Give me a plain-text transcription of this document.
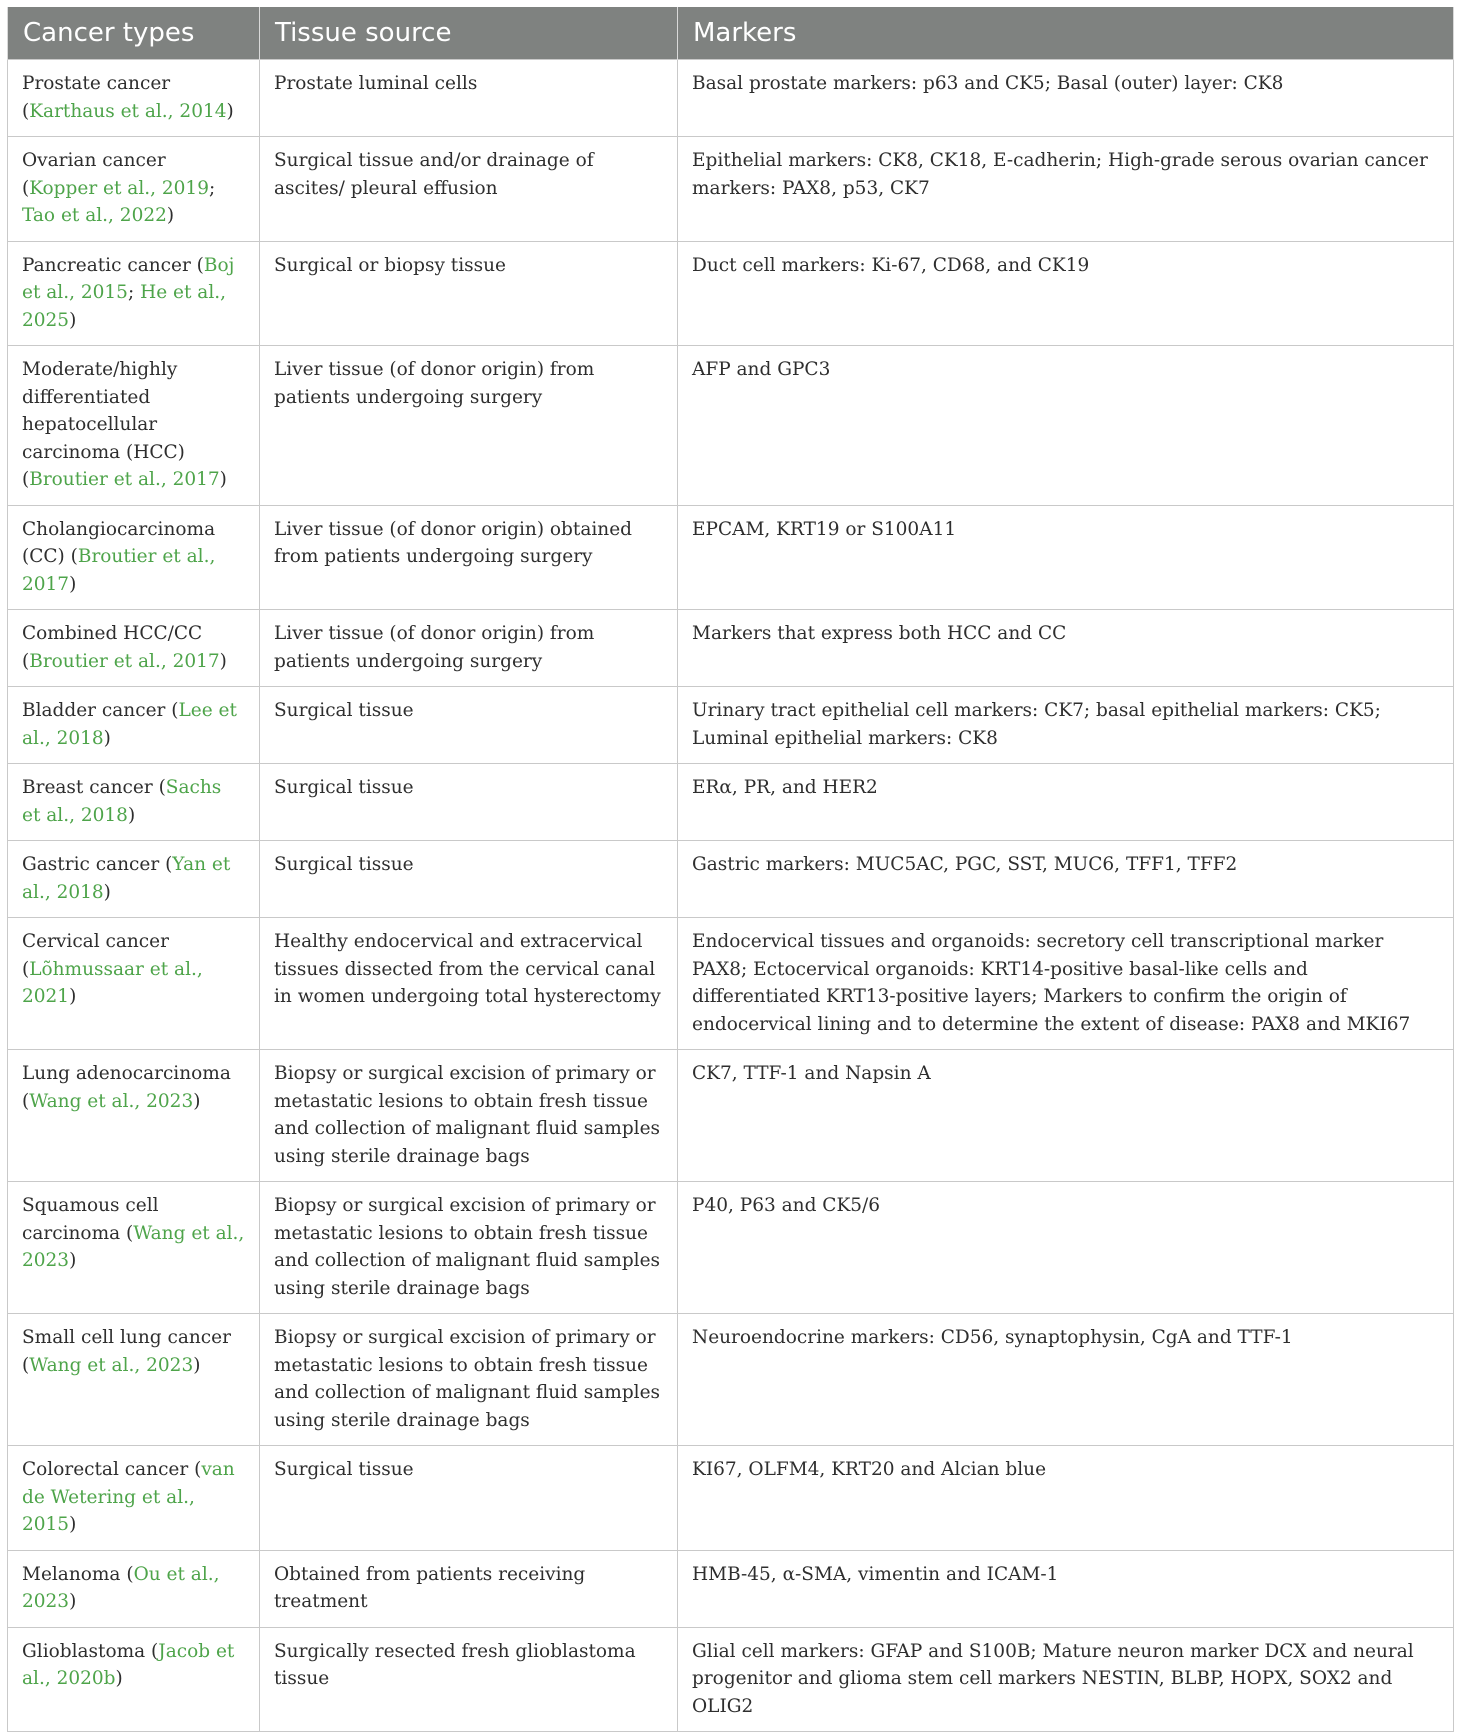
Cancer types	Tissue source	Markers
Prostate cancer (Karthaus et al., 2014)	Prostate luminal cells	Basal prostate markers: p63 and CK5; Basal (outer) layer: CK8
Ovarian cancer (Kopper et al., 2019; Tao et al., 2022)	Surgical tissue and/or drainage of ascites/ pleural effusion	Epithelial markers: CK8, CK18, E-cadherin; High-grade serous ovarian cancer markers: PAX8, p53, CK7
Pancreatic cancer (Boj et al., 2015; He et al., 2025)	Surgical or biopsy tissue	Duct cell markers: Ki-67, CD68, and CK19
Moderate/highly differentiated hepatocellular carcinoma (HCC) (Broutier et al., 2017)	Liver tissue (of donor origin) from patients undergoing surgery	AFP and GPC3
Cholangiocarcinoma (CC) (Broutier et al., 2017)	Liver tissue (of donor origin) obtained from patients undergoing surgery	EPCAM, KRT19 or S100A11
Combined HCC/CC (Broutier et al., 2017)	Liver tissue (of donor origin) from patients undergoing surgery	Markers that express both HCC and CC
Bladder cancer (Lee et al., 2018)	Surgical tissue	Urinary tract epithelial cell markers: CK7; basal epithelial markers: CK5; Luminal epithelial markers: CK8
Breast cancer (Sachs et al., 2018)	Surgical tissue	ERα, PR, and HER2
Gastric cancer (Yan et al., 2018)	Surgical tissue	Gastric markers: MUC5AC, PGC, SST, MUC6, TFF1, TFF2
Cervical cancer (Lõhmussaar et al., 2021)	Healthy endocervical and extracervical tissues dissected from the cervical canal in women undergoing total hysterectomy	Endocervical tissues and organoids: secretory cell transcriptional marker PAX8; Ectocervical organoids: KRT14-positive basal-like cells and differentiated KRT13-positive layers; Markers to confirm the origin of endocervical lining and to determine the extent of disease: PAX8 and MKI67
Lung adenocarcinoma (Wang et al., 2023)	Biopsy or surgical excision of primary or metastatic lesions to obtain fresh tissue and collection of malignant fluid samples using sterile drainage bags	CK7, TTF-1 and Napsin A
Squamous cell carcinoma (Wang et al., 2023)	Biopsy or surgical excision of primary or metastatic lesions to obtain fresh tissue and collection of malignant fluid samples using sterile drainage bags	P40, P63 and CK5/6
Small cell lung cancer (Wang et al., 2023)	Biopsy or surgical excision of primary or metastatic lesions to obtain fresh tissue and collection of malignant fluid samples using sterile drainage bags	Neuroendocrine markers: CD56, synaptophysin, CgA and TTF-1
Colorectal cancer (van de Wetering et al., 2015)	Surgical tissue	KI67, OLFM4, KRT20 and Alcian blue
Melanoma (Ou et al., 2023)	Obtained from patients receiving treatment	HMB-45, α-SMA, vimentin and ICAM-1
Glioblastoma (Jacob et al., 2020b)	Surgically resected fresh glioblastoma tissue	Glial cell markers: GFAP and S100B; Mature neuron marker DCX and neural progenitor and glioma stem cell markers NESTIN, BLBP, HOPX, SOX2 and OLIG2
